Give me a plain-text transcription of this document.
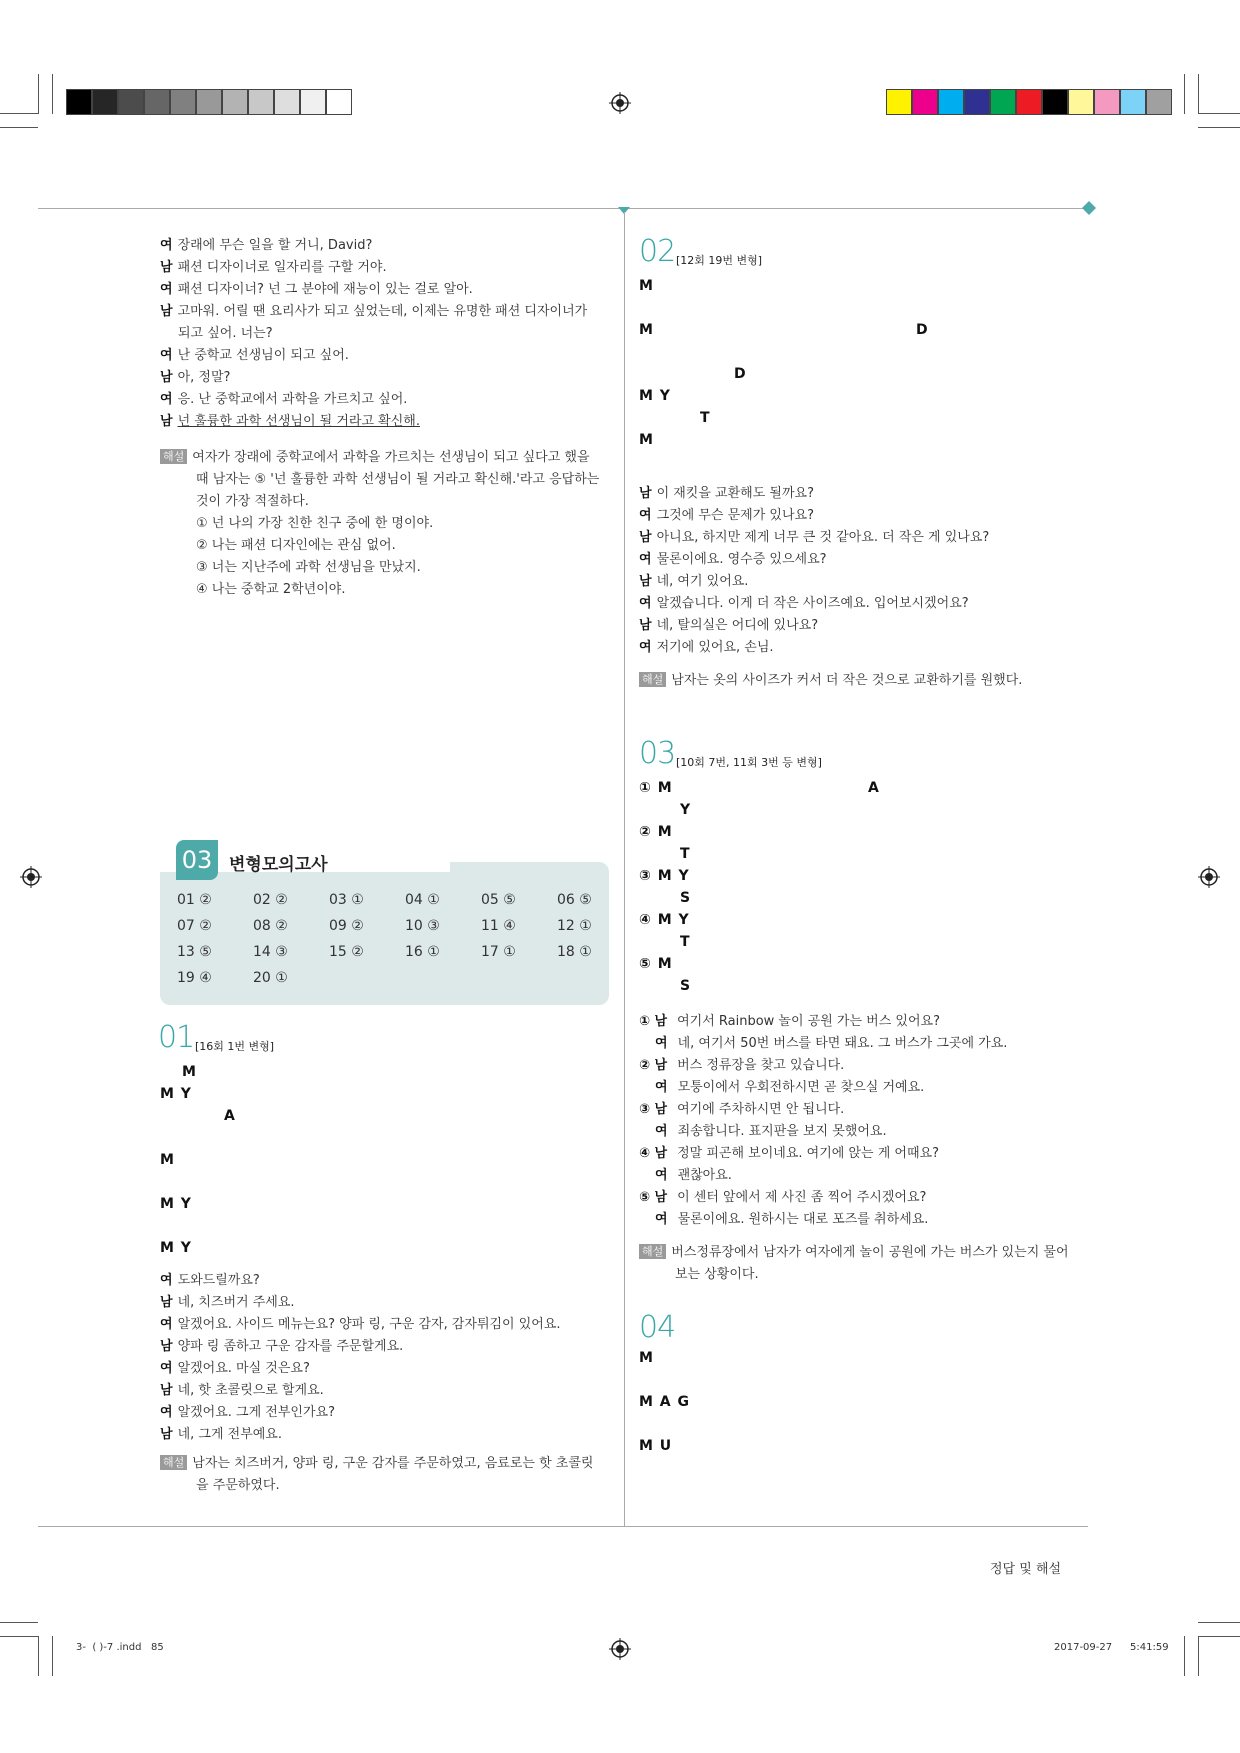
03 변형모의고사
01 [16회 1번 변형]
02 [12회 19번 변형]
03 [10회 7번, 11회 3번 등 변형]
04
정답 및 해설
3-  ( )-7 .indd   85	2017-09-27 5:41:59
여 장래에 무슨 일을 할 거니, David?
남 패션 디자이너로 일자리를 구할 거야.
여 패션 디자이너? 넌 그 분야에 재능이 있는 걸로 알아.
남 고마워. 어릴 땐 요리사가 되고 싶었는데, 이제는 유명한 패션 디자이너가
되고 싶어. 너는?
여 난 중학교 선생님이 되고 싶어.
남 아, 정말?
여 응. 난 중학교에서 과학을 가르치고 싶어.
남 넌 훌륭한 과학 선생님이 될 거라고 확신해.
해설 여자가 장래에 중학교에서 과학을 가르치는 선생님이 되고 싶다고 했을
때 남자는 ⑤ '넌 훌륭한 과학 선생님이 될 거라고 확신해.'라고 응답하는
것이 가장 적절하다.
① 넌 나의 가장 친한 친구 중에 한 명이야.
② 나는 패션 디자인에는 관심 없어.
③ 너는 지난주에 과학 선생님을 만났지.
④ 나는 중학교 2학년이야.
01 ②	02 ②	03 ①	04 ①	05 ⑤	06 ⑤
07 ②	08 ②	09 ②	10 ③	11 ④	12 ①
13 ⑤	14 ③	15 ②	16 ①	17 ①	18 ①
19 ④	20 ①
M
M Y
A
M
M Y
M Y
여 도와드릴까요?
남 네, 치즈버거 주세요.
여 알겠어요. 사이드 메뉴는요? 양파 링, 구운 감자, 감자튀김이 있어요.
남 양파 링 좀하고 구운 감자를 주문할게요.
여 알겠어요. 마실 것은요?
남 네, 핫 초콜릿으로 할게요.
여 알겠어요. 그게 전부인가요?
남 네, 그게 전부예요.
해설 남자는 치즈버거, 양파 링, 구운 감자를 주문하였고, 음료로는 핫 초콜릿
을 주문하였다.
M
M	D
D
M Y
T
M
남 이 재킷을 교환해도 될까요?
여 그것에 무슨 문제가 있나요?
남 아니요, 하지만 제게 너무 큰 것 같아요. 더 작은 게 있나요?
여 물론이에요. 영수증 있으세요?
남 네, 여기 있어요.
여 알겠습니다. 이게 더 작은 사이즈예요. 입어보시겠어요?
남 네, 탈의실은 어디에 있나요?
여 저기에 있어요, 손님.
해설 남자는 옷의 사이즈가 커서 더 작은 것으로 교환하기를 원했다.
① M	A
Y
② M
T
③ M Y
S
④ M Y
T
⑤ M
S
① 남 여기서 Rainbow 놀이 공원 가는 버스 있어요?
여 네, 여기서 50번 버스를 타면 돼요. 그 버스가 그곳에 가요.
② 남 버스 정류장을 찾고 있습니다.
여 모퉁이에서 우회전하시면 곧 찾으실 거예요.
③ 남 여기에 주차하시면 안 됩니다.
여 죄송합니다. 표지판을 보지 못했어요.
④ 남 정말 피곤해 보이네요. 여기에 앉는 게 어때요?
여 괜찮아요.
⑤ 남 이 센터 앞에서 제 사진 좀 찍어 주시겠어요?
여 물론이에요. 원하시는 대로 포즈를 취하세요.
해설 버스정류장에서 남자가 여자에게 놀이 공원에 가는 버스가 있는지 물어
보는 상황이다.
M
M A G
M U
